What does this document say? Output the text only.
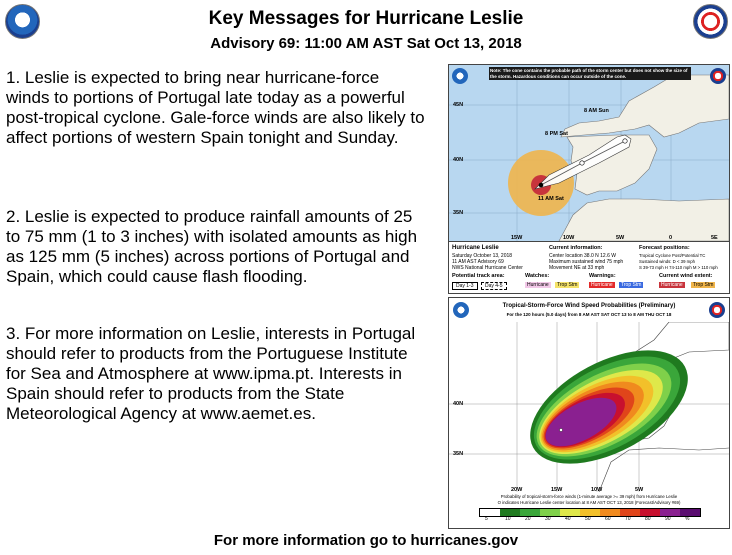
Key Messages for Hurricane Leslie
Advisory 69: 11:00 AM AST Sat Oct 13, 2018
1. Leslie is expected to bring near hurricane-force winds to portions of Portugal late today as a powerful post-tropical cyclone. Gale-force winds are also likely to affect portions of western Spain tonight and Sunday.
2. Leslie is expected to produce rainfall amounts of 25 to 75 mm (1 to 3 inches) with isolated amounts as high as 125 mm (5 inches) across portions of Portugal and Spain, which could cause flash flooding.
3. For more information on Leslie, interests in Portugal should refer to products from the Portuguese Institute for Sea and Atmosphere at www.ipma.pt. Interests in Spain should refer to products from the State Meteorological Agency at www.aemet.es.
Note: The cone contains the probable path of the storm center but does not show the size of the storm. Hazardous conditions can occur outside of the cone.
45N
40N
35N
15W	10W	5W	0	5E
11 AM Sat
8 PM Sat
8 AM Sun
Hurricane Leslie
Saturday October 13, 2018
11 AM AST Advisory 69
NWS National Hurricane Center
Current information:
Center location 38.0 N 12.6 W
Maximum sustained wind 75 mph
Movement NE at 33 mph
Forecast positions:
Tropical Cyclone Post/Potential TC
Sustained winds: D < 39 mph
S 39-73 mph H 74-110 mph M > 110 mph
Potential track area:
Day 1-3	Day 4-5
Watches:
Hurricane	Trop Stm
Warnings:
Hurricane	Trop Stm
Current wind extent:
Hurricane	Trop Stm
Tropical-Storm-Force Wind Speed Probabilities (Preliminary)
For the 120 hours (5.0 days) from 8 AM AST SAT OCT 13 to 8 AM THU OCT 18
40N
35N
20W	15W	10W	5W
Probability of tropical-storm-force winds (1-minute average >= 39 mph) from Hurricane Leslie
O indicates Hurricane Leslie center location at 8 AM AST OCT 13, 2018 (Forecast/Advisory #69)
5	10	20	30	40	50	60	70	80	90	%
For more information go to hurricanes.gov
